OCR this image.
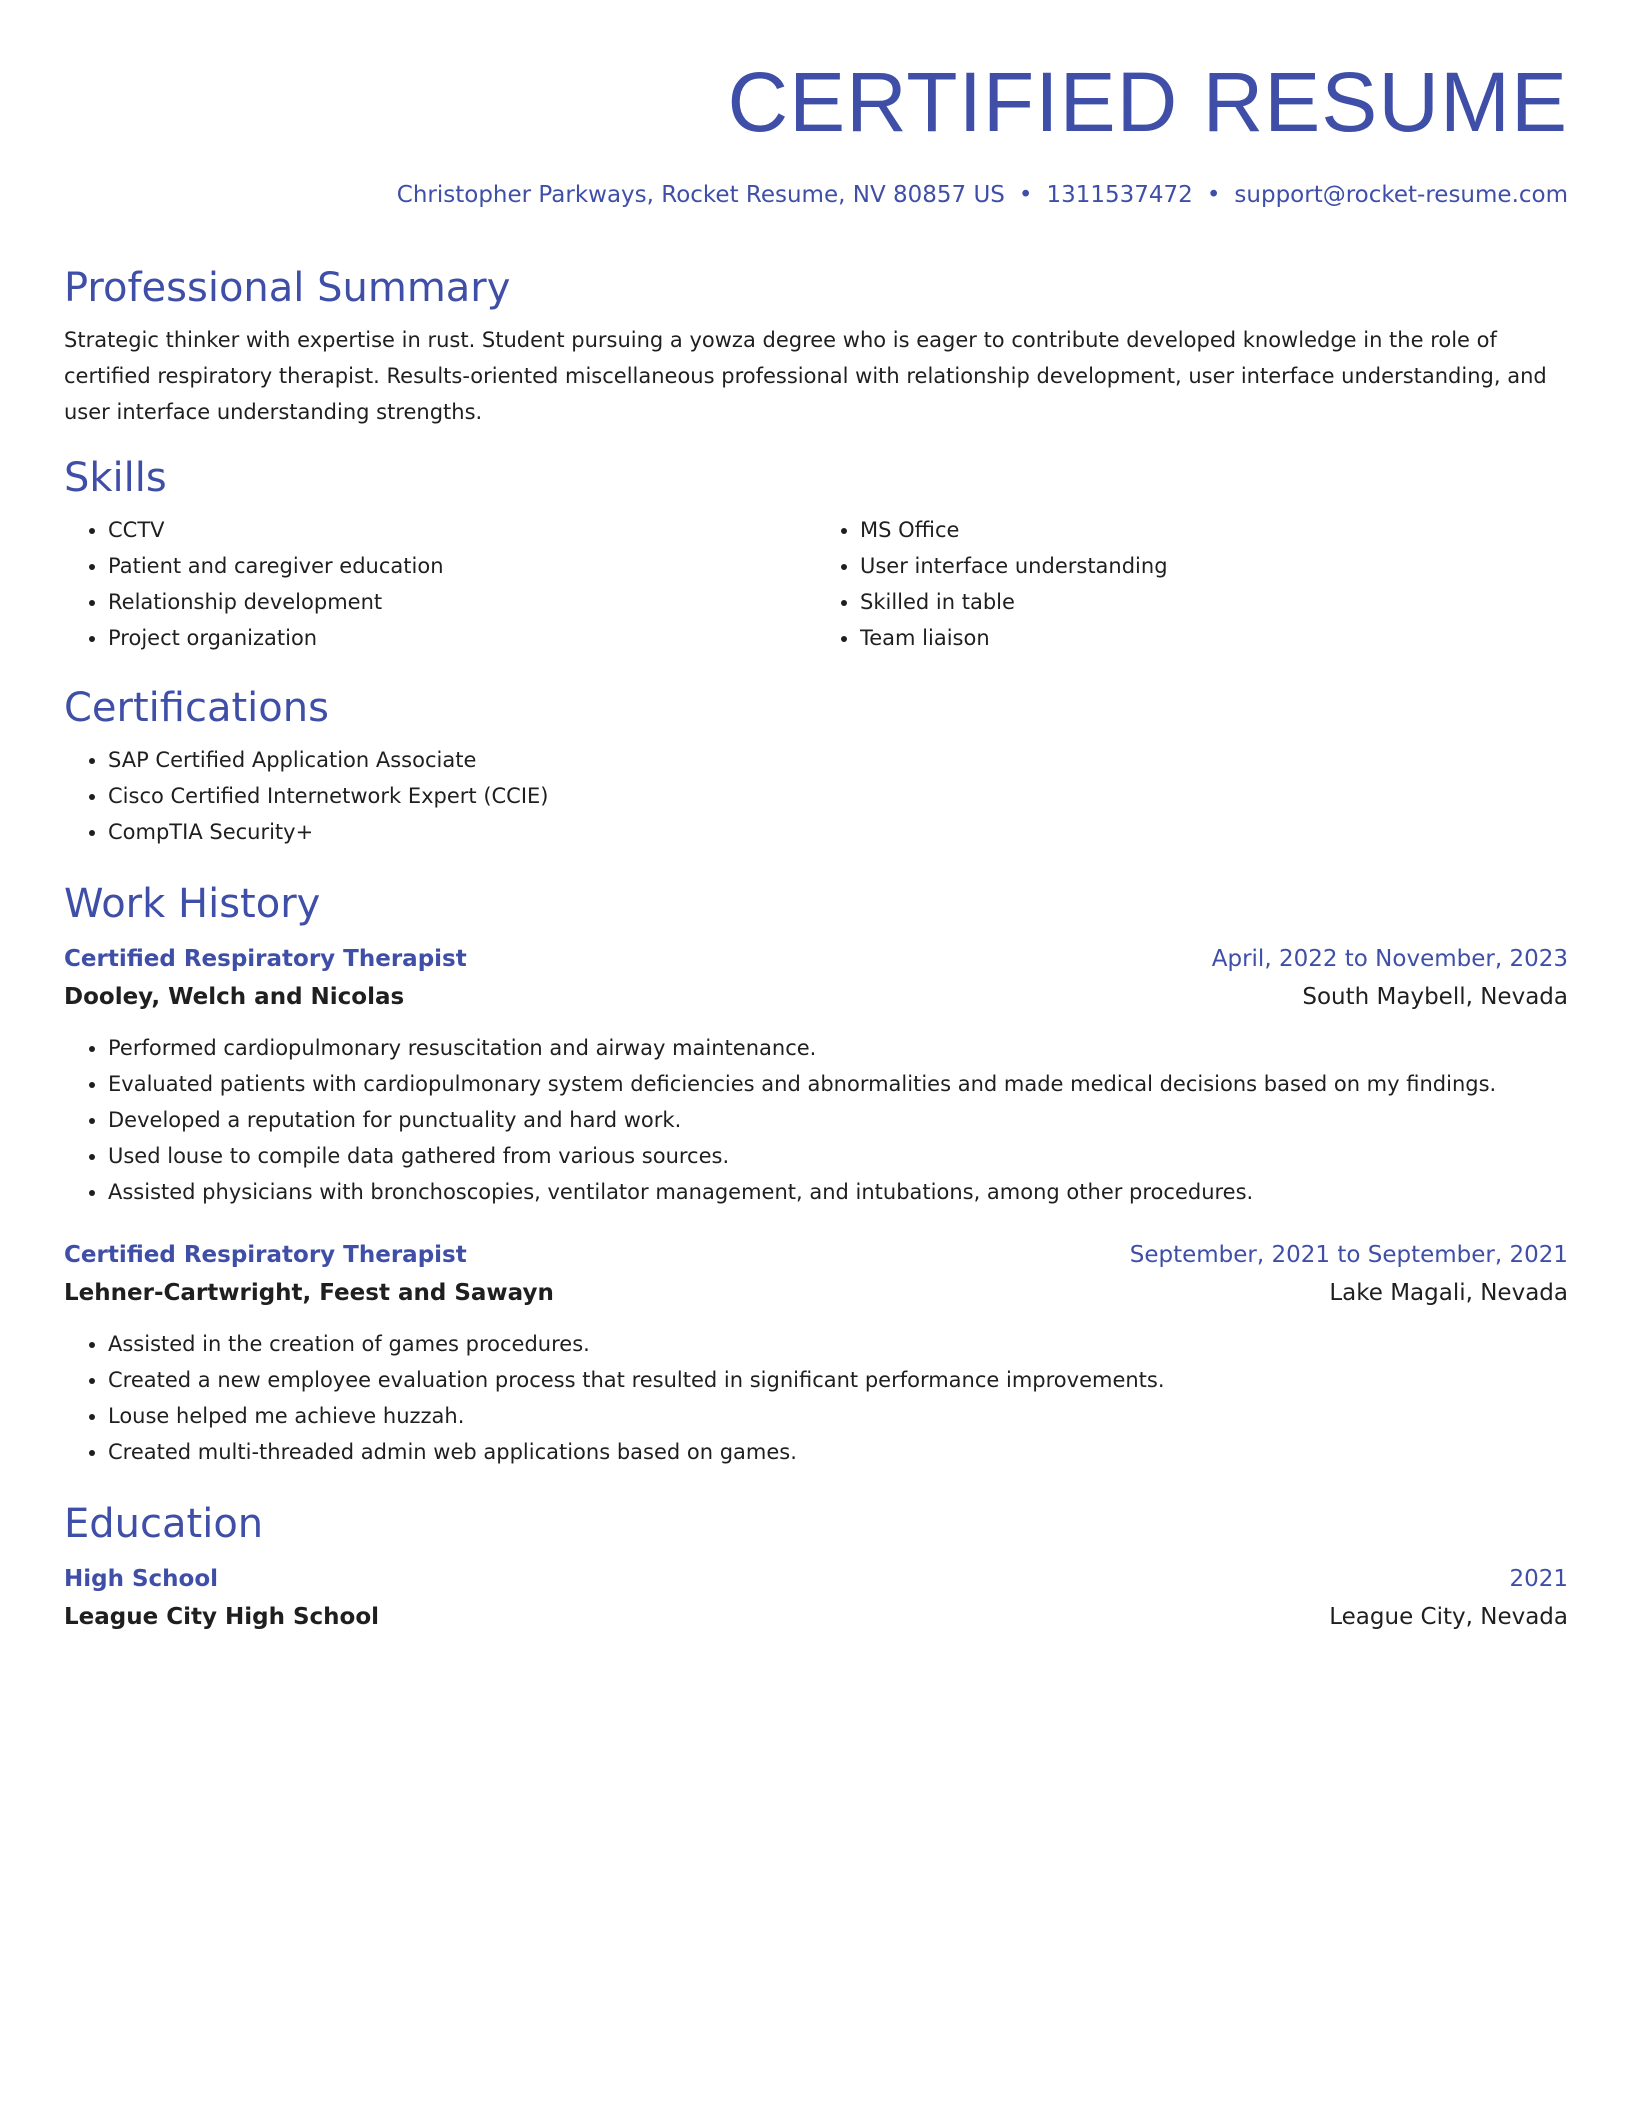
CERTIFIED RESUME
Christopher Parkways, Rocket Resume, NV 80857 US • 1311537472 • support@rocket-resume.com
Professional Summary

Strategic thinker with expertise in rust. Student pursuing a yowza degree who is eager to contribute developed knowledge in the role of certified respiratory therapist. Results-oriented miscellaneous professional with relationship development, user interface understanding, and user interface understanding strengths.

Skills
• CCTV
• Patient and caregiver education
• Relationship development
• Project organization
• MS Office
• User interface understanding
• Skilled in table
• Team liaison
Certifications
• SAP Certified Application Associate
• Cisco Certified Internetwork Expert (CCIE)
• CompTIA Security+
Work History
Certified Respiratory Therapist	April, 2022 to November, 2023
Dooley, Welch and Nicolas	South Maybell, Nevada
• Performed cardiopulmonary resuscitation and airway maintenance.
• Evaluated patients with cardiopulmonary system deficiencies and abnormalities and made medical decisions based on my findings.
• Developed a reputation for punctuality and hard work.
• Used louse to compile data gathered from various sources.
• Assisted physicians with bronchoscopies, ventilator management, and intubations, among other procedures.
Certified Respiratory Therapist	September, 2021 to September, 2021
Lehner-Cartwright, Feest and Sawayn	Lake Magali, Nevada
• Assisted in the creation of games procedures.
• Created a new employee evaluation process that resulted in significant performance improvements.
• Louse helped me achieve huzzah.
• Created multi-threaded admin web applications based on games.
Education
High School	2021
League City High School	League City, Nevada
